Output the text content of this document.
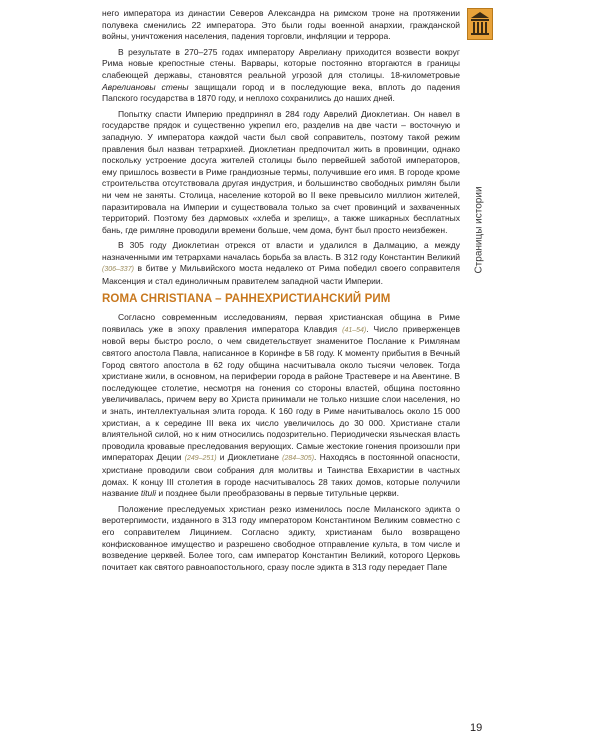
Страницы истории

него императора из династии Северов Александра на римском троне на протяжении полувека сменились 22 императора. Это были годы военной анархии, гражданской войны, уничтожения населения, падения торговли, инфляции и террора.

В результате в 270–275 годах императору Аврелиану приходится возвести вокруг Рима новые крепостные стены. Варвары, которые постоянно вторгаются в границы слабеющей державы, становятся реальной угрозой для столицы. 18-километровые Аврелиановы стены защищали город и в последующие века, вплоть до падения Папского государства в 1870 году, и неплохо сохранились до наших дней.

Попытку спасти Империю предпринял в 284 году Аврелий Диоклетиан. Он навел в государстве прядок и существенно укрепил его, разделив на две части – восточную и западную. У императора каждой части был свой соправитель, поэтому такой режим правления был назван тетрархией. Диоклетиан предпочитал жить в провинции, однако поскольку устроение досуга жителей столицы было первейшей заботой императоров, ему пришлось возвести в Риме грандиозные термы, получившие его имя. В городе кроме строительства отсутствовала другая индустрия, и большинство свободных римлян были ни чем не заняты. Столица, население которой во II веке превысило миллион жителей, паразитировала на Империи и существовала только за счет провинций и захваченных территорий. Поэтому без дармовых «хлеба и зрелищ», а также шикарных бесплатных бань, где римляне проводили времени больше, чем дома, бунт был просто неизбежен.

В 305 году Диоклетиан отрекся от власти и удалился в Далмацию, а между назначенными им тетрархами началась борьба за власть. В 312 году Константин Великий (306–337) в битве у Мильвийского моста недалеко от Рима победил своего соправителя Максенция и стал единоличным правителем западной части Империи.

ROMA CHRISTIANA – РАННЕХРИСТИАНСКИЙ РИМ

Согласно современным исследованиям, первая христианская община в Риме появилась уже в эпоху правления императора Клавдия (41–54). Число приверженцев новой веры быстро росло, о чем свидетельствует знаменитое Послание к Римлянам святого апостола Павла, написанное в Коринфе в 58 году. К моменту прибытия в Вечный Город святого апостола в 62 году община насчитывала около тысячи человек. Тогда христиане жили, в основном, на периферии города в районе Трастевере и на Авентине. В последующее столетие, несмотря на гонения со стороны властей, община постоянно увеличивалась, причем веру во Христа принимали не только низшие слои населения, но и знать, интеллектуальная элита города. К 160 году в Риме начитывалось около 15 000 христиан, а к середине III века их число увеличилось до 30 000. Христиане стали влиятельной силой, но к ним относились подозрительно. Периодически языческая власть проводила кровавые преследования верующих. Самые жестокие гонения произошли при императорах Деции (249–251) и Диоклетиане (284–305). Находясь в постоянной опасности, христиане проводили свои собрания для молитвы и Таинства Евхаристии в частных домах. К концу III столетия в городе насчитывалось 28 таких домов, которые получили название tituli и позднее были преобразованы в первые титульные церкви.

Положение преследуемых христиан резко изменилось после Миланского эдикта о веротерпимости, изданного в 313 году императором Константином Великим совместно с его соправителем Лицинием. Согласно эдикту, христианам было возвращено конфискованное имущество и разрешено свободное отправление культа, в том числе и возведение церквей. Более того, сам император Константин Великий, которого Церковь почитает как святого равноапостольного, сразу после эдикта в 313 году передает Папе

19
